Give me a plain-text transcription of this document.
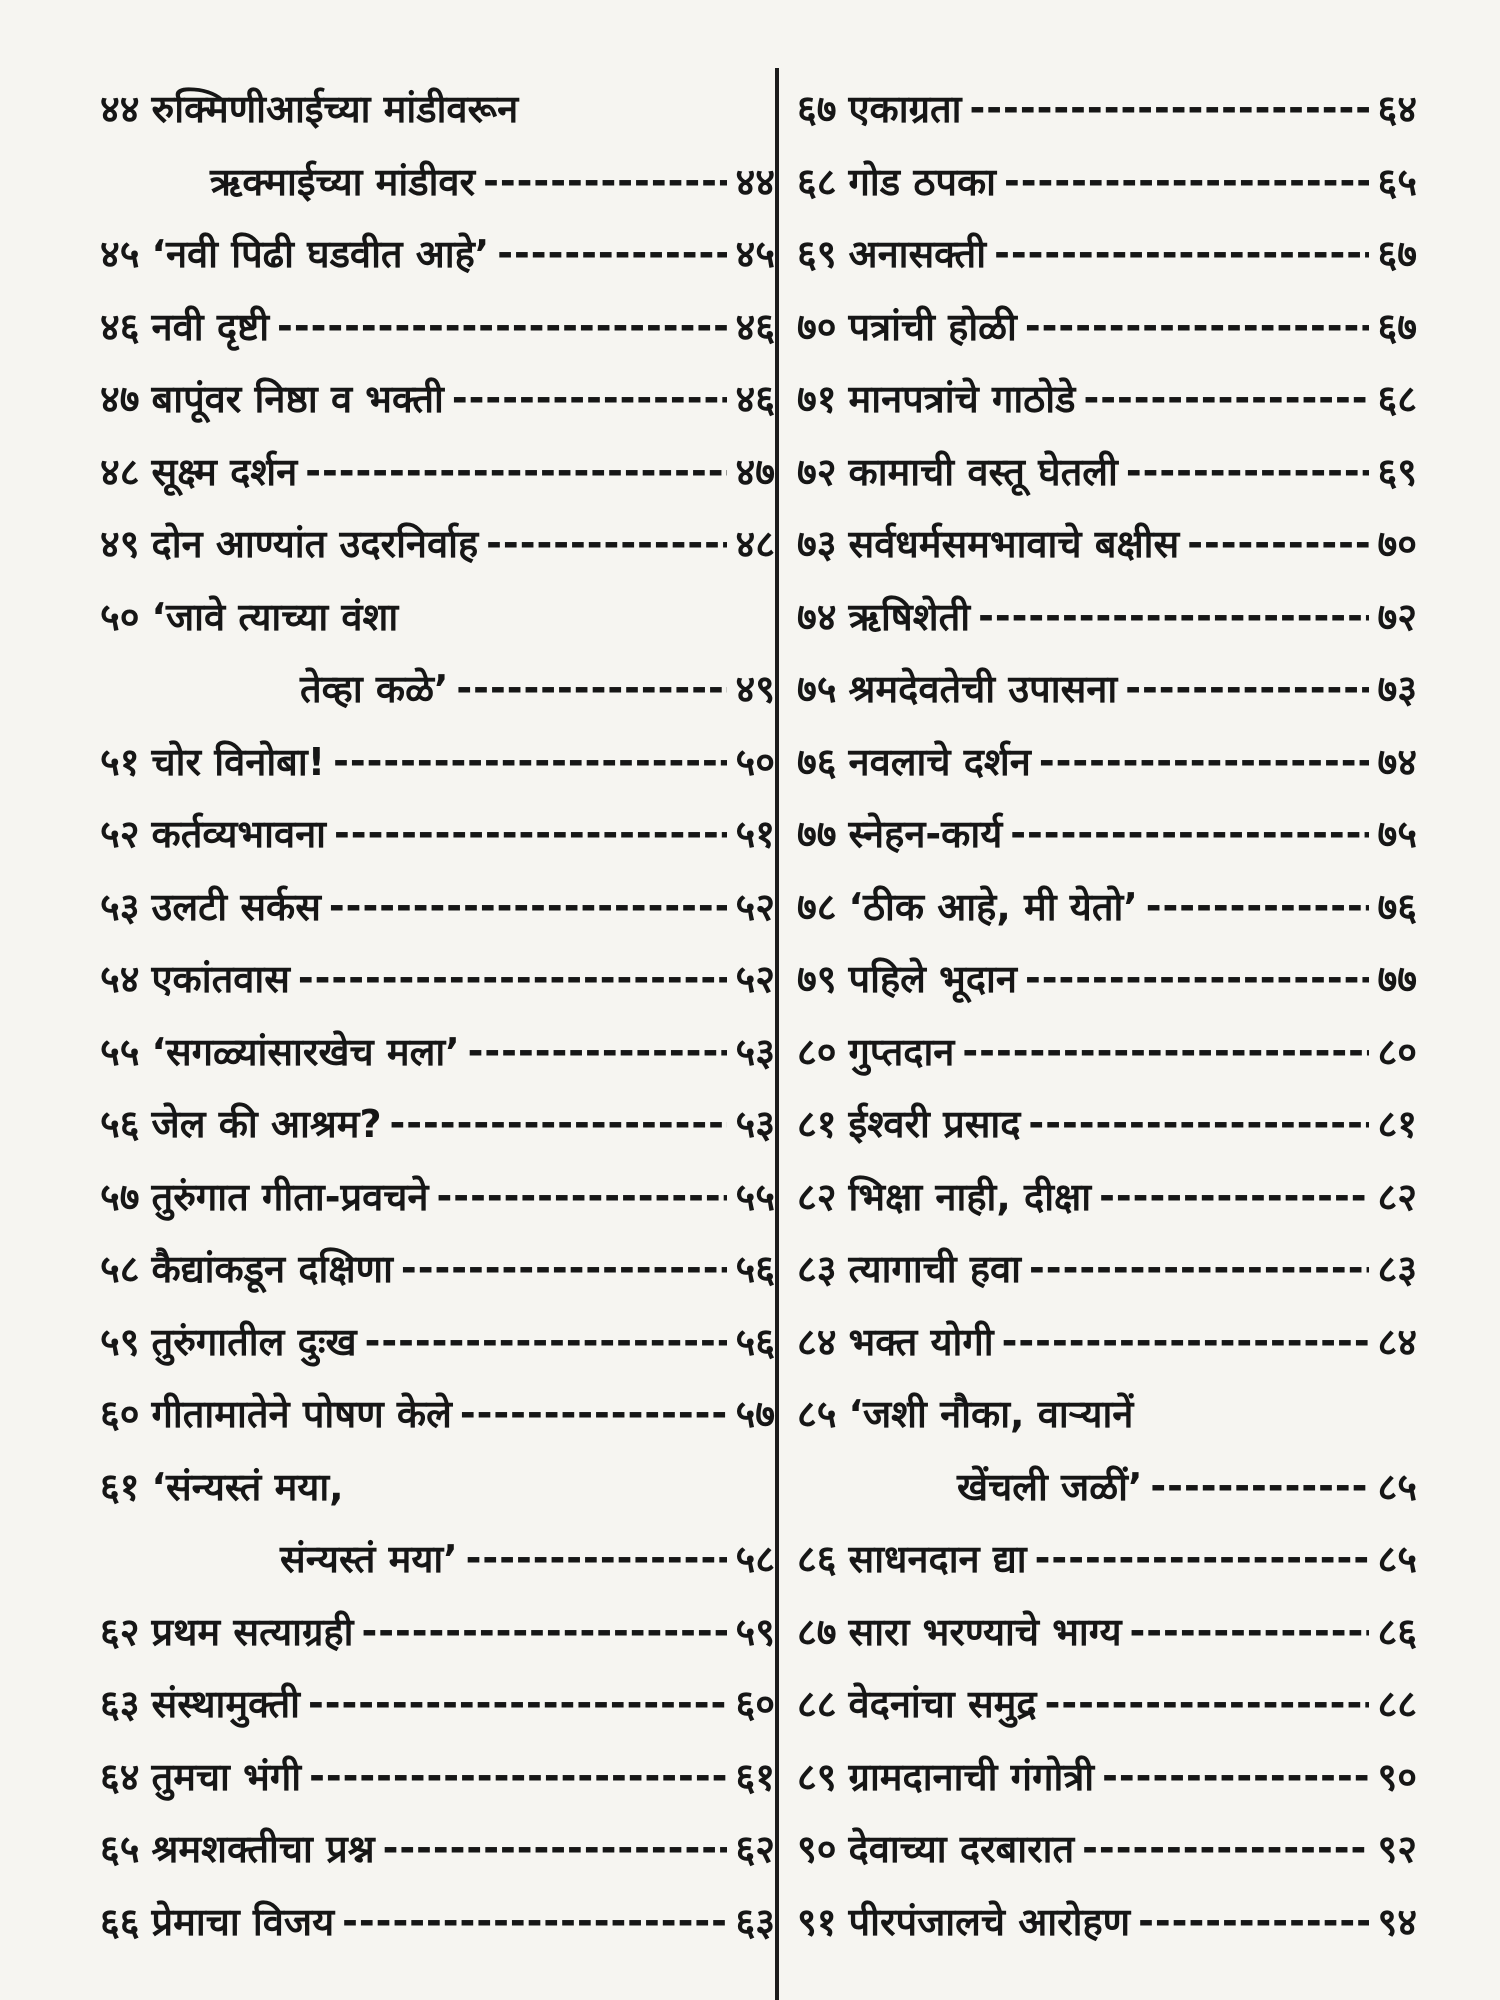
४४ रुक्मिणीआईच्या मांडीवरून
ऋक्माईच्या मांडीवर -----	४४
४५ ‘नवी पिढी घडवीत आहे’ -----	४५
४६ नवी दृष्टी -----	४६
४७ बापूंवर निष्ठा व भक्ती -----	४६
४८ सूक्ष्म दर्शन -----	४७
४९ दोन आण्यांत उदरनिर्वाह -----	४८
५० ‘जावे त्याच्या वंशा
तेव्हा कळे’ -----	४९
५१ चोर विनोबा! -----	५०
५२ कर्तव्यभावना -----	५१
५३ उलटी सर्कस -----	५२
५४ एकांतवास -----	५२
५५ ‘सगळ्यांसारखेच मला’ -----	५३
५६ जेल की आश्रम? -----	५३
५७ तुरुंगात गीता-प्रवचने -----	५५
५८ कैद्यांकडून दक्षिणा -----	५६
५९ तुरुंगातील दुःख -----	५६
६० गीतामातेने पोषण केले -----	५७
६१ ‘संन्यस्तं मया,
संन्यस्तं मया’ -----	५८
६२ प्रथम सत्याग्रही -----	५९
६३ संस्थामुक्ती -----	६०
६४ तुमचा भंगी -----	६१
६५ श्रमशक्तीचा प्रश्न -----	६२
६६ प्रेमाचा विजय -----	६३
६७ एकाग्रता -----	६४
६८ गोड ठपका -----	६५
६९ अनासक्ती -----	६७
७० पत्रांची होळी -----	६७
७१ मानपत्रांचे गाठोडे -----	६८
७२ कामाची वस्तू घेतली -----	६९
७३ सर्वधर्मसमभावाचे बक्षीस -----	७०
७४ ऋषिशेती -----	७२
७५ श्रमदेवतेची उपासना -----	७३
७६ नवलाचे दर्शन -----	७४
७७ स्नेहन-कार्य -----	७५
७८ ‘ठीक आहे, मी येतो’ -----	७६
७९ पहिले भूदान -----	७७
८० गुप्तदान -----	८०
८१ ईश्वरी प्रसाद -----	८१
८२ भिक्षा नाही, दीक्षा -----	८२
८३ त्यागाची हवा -----	८३
८४ भक्त योगी -----	८४
८५ ‘जशी नौका, वाऱ्यानें
खेंचली जळीं’ -----	८५
८६ साधनदान द्या -----	८५
८७ सारा भरण्याचे भाग्य -----	८६
८८ वेदनांचा समुद्र -----	८८
८९ ग्रामदानाची गंगोत्री -----	९०
९० देवाच्या दरबारात -----	९२
९१ पीरपंजालचे आरोहण -----	९४
